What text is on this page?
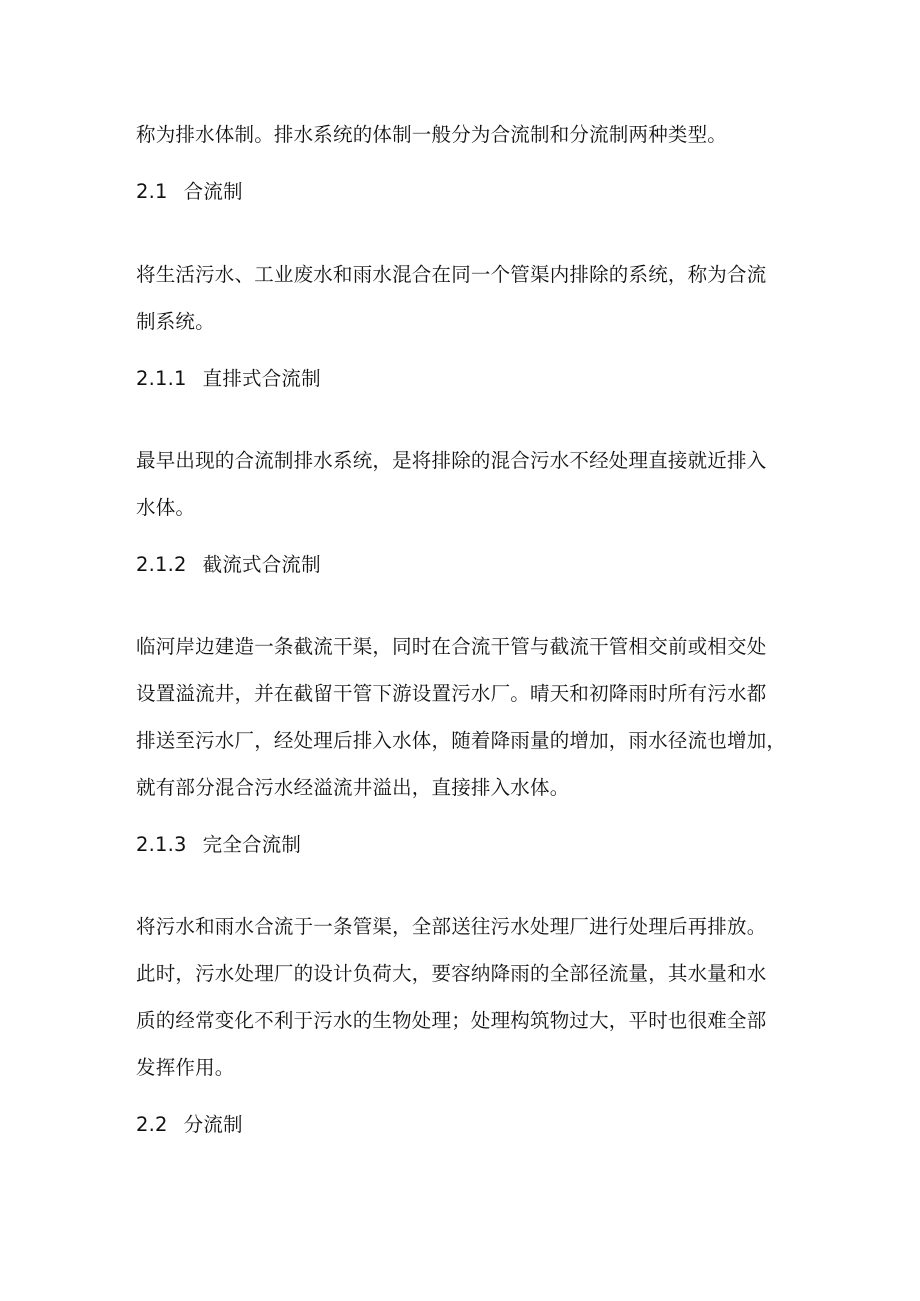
称为排水体制。排水系统的体制一般分为合流制和分流制两种类型。
2.1 合流制
将生活污水、工业废水和雨水混合在同一个管渠内排除的系统，称为合流
制系统。
2.1.1 直排式合流制
最早出现的合流制排水系统，是将排除的混合污水不经处理直接就近排入
水体。
2.1.2 截流式合流制
临河岸边建造一条截流干渠，同时在合流干管与截流干管相交前或相交处
设置溢流井，并在截留干管下游设置污水厂。晴天和初降雨时所有污水都
排送至污水厂，经处理后排入水体，随着降雨量的增加，雨水径流也增加，
就有部分混合污水经溢流井溢出，直接排入水体。
2.1.3 完全合流制
将污水和雨水合流于一条管渠，全部送往污水处理厂进行处理后再排放。
此时，污水处理厂的设计负荷大，要容纳降雨的全部径流量，其水量和水
质的经常变化不利于污水的生物处理；处理构筑物过大，平时也很难全部
发挥作用。
2.2 分流制
